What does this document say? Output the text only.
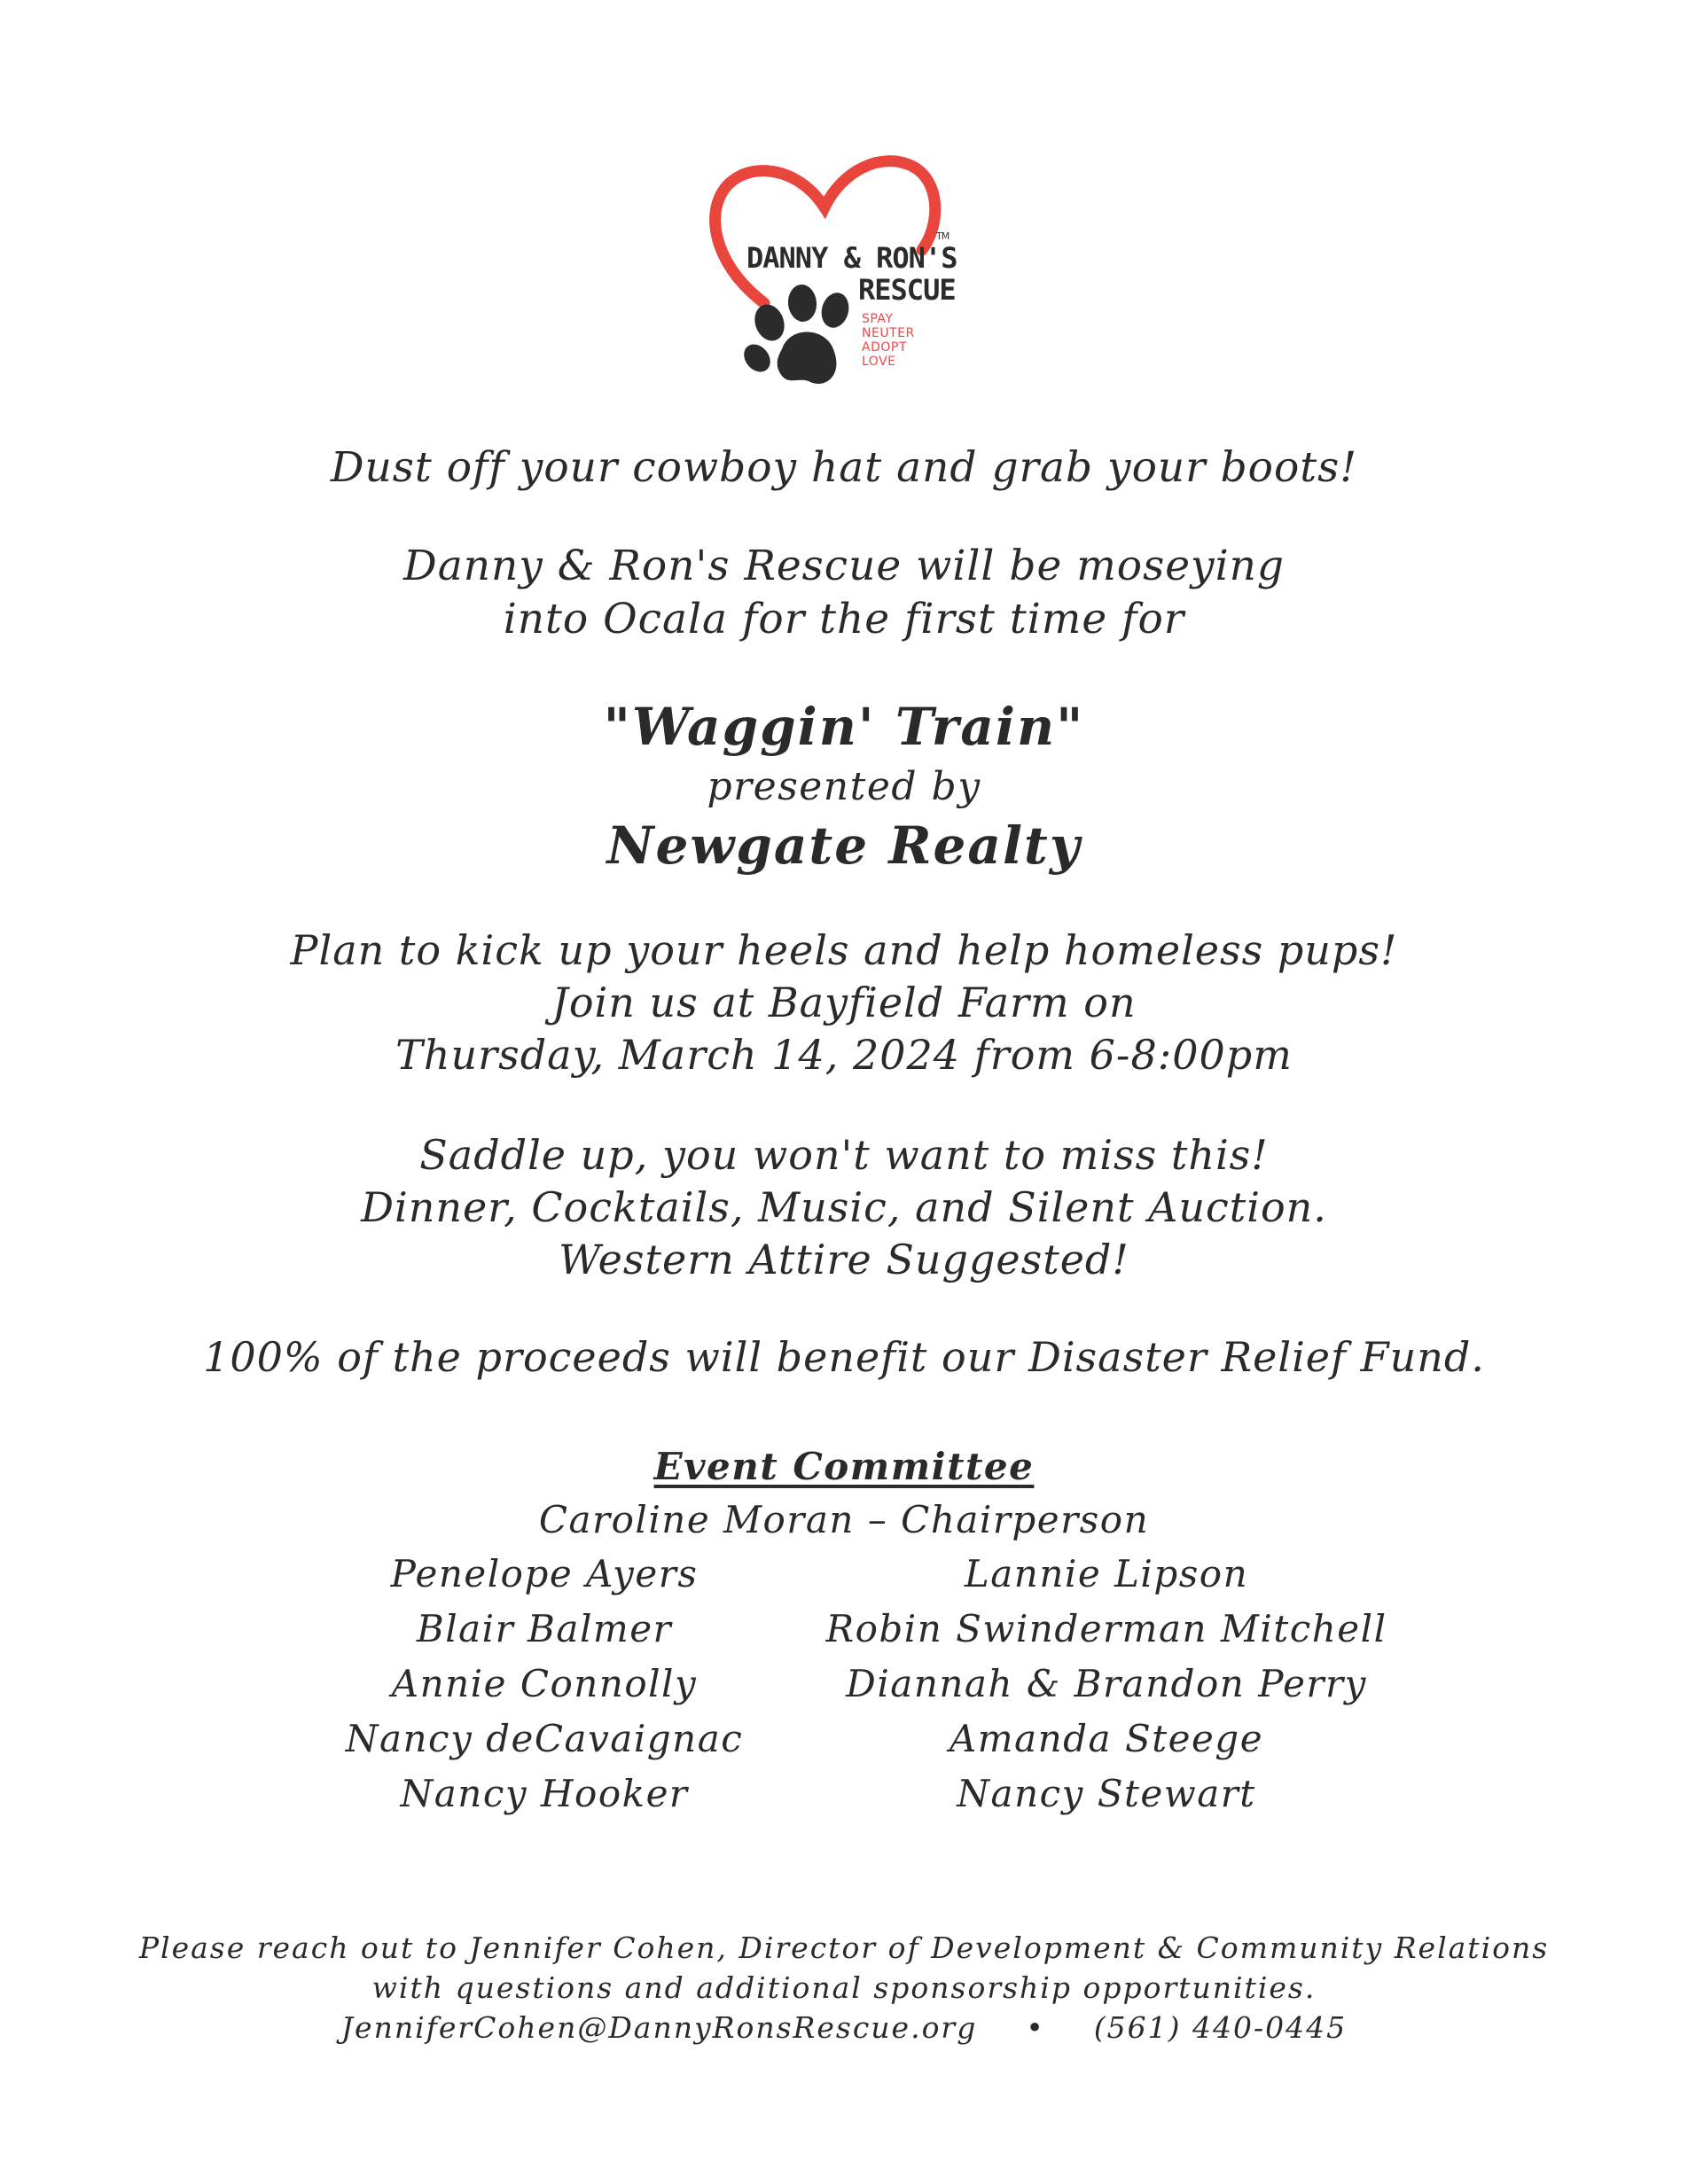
TM
DANNY & RON'S
RESCUE
SPAY
NEUTER
ADOPT
LOVE
Dust off your cowboy hat and grab your boots!
Danny & Ron's Rescue will be moseying
into Ocala for the first time for
"Waggin' Train"
presented by
Newgate Realty
Plan to kick up your heels and help homeless pups!
Join us at Bayfield Farm on
Thursday, March 14, 2024 from 6-8:00pm
Saddle up, you won't want to miss this!
Dinner, Cocktails, Music, and Silent Auction.
Western Attire Suggested!
100% of the proceeds will benefit our Disaster Relief Fund.
Event Committee
Caroline Moran – Chairperson
Penelope Ayers
Blair Balmer
Annie Connolly
Nancy deCavaignac
Nancy Hooker
Lannie Lipson
Robin Swinderman Mitchell
Diannah & Brandon Perry
Amanda Steege
Nancy Stewart
Please reach out to Jennifer Cohen, Director of Development & Community Relations
with questions and additional sponsorship opportunities.
JenniferCohen@DannyRonsRescue.org • (561) 440-0445
